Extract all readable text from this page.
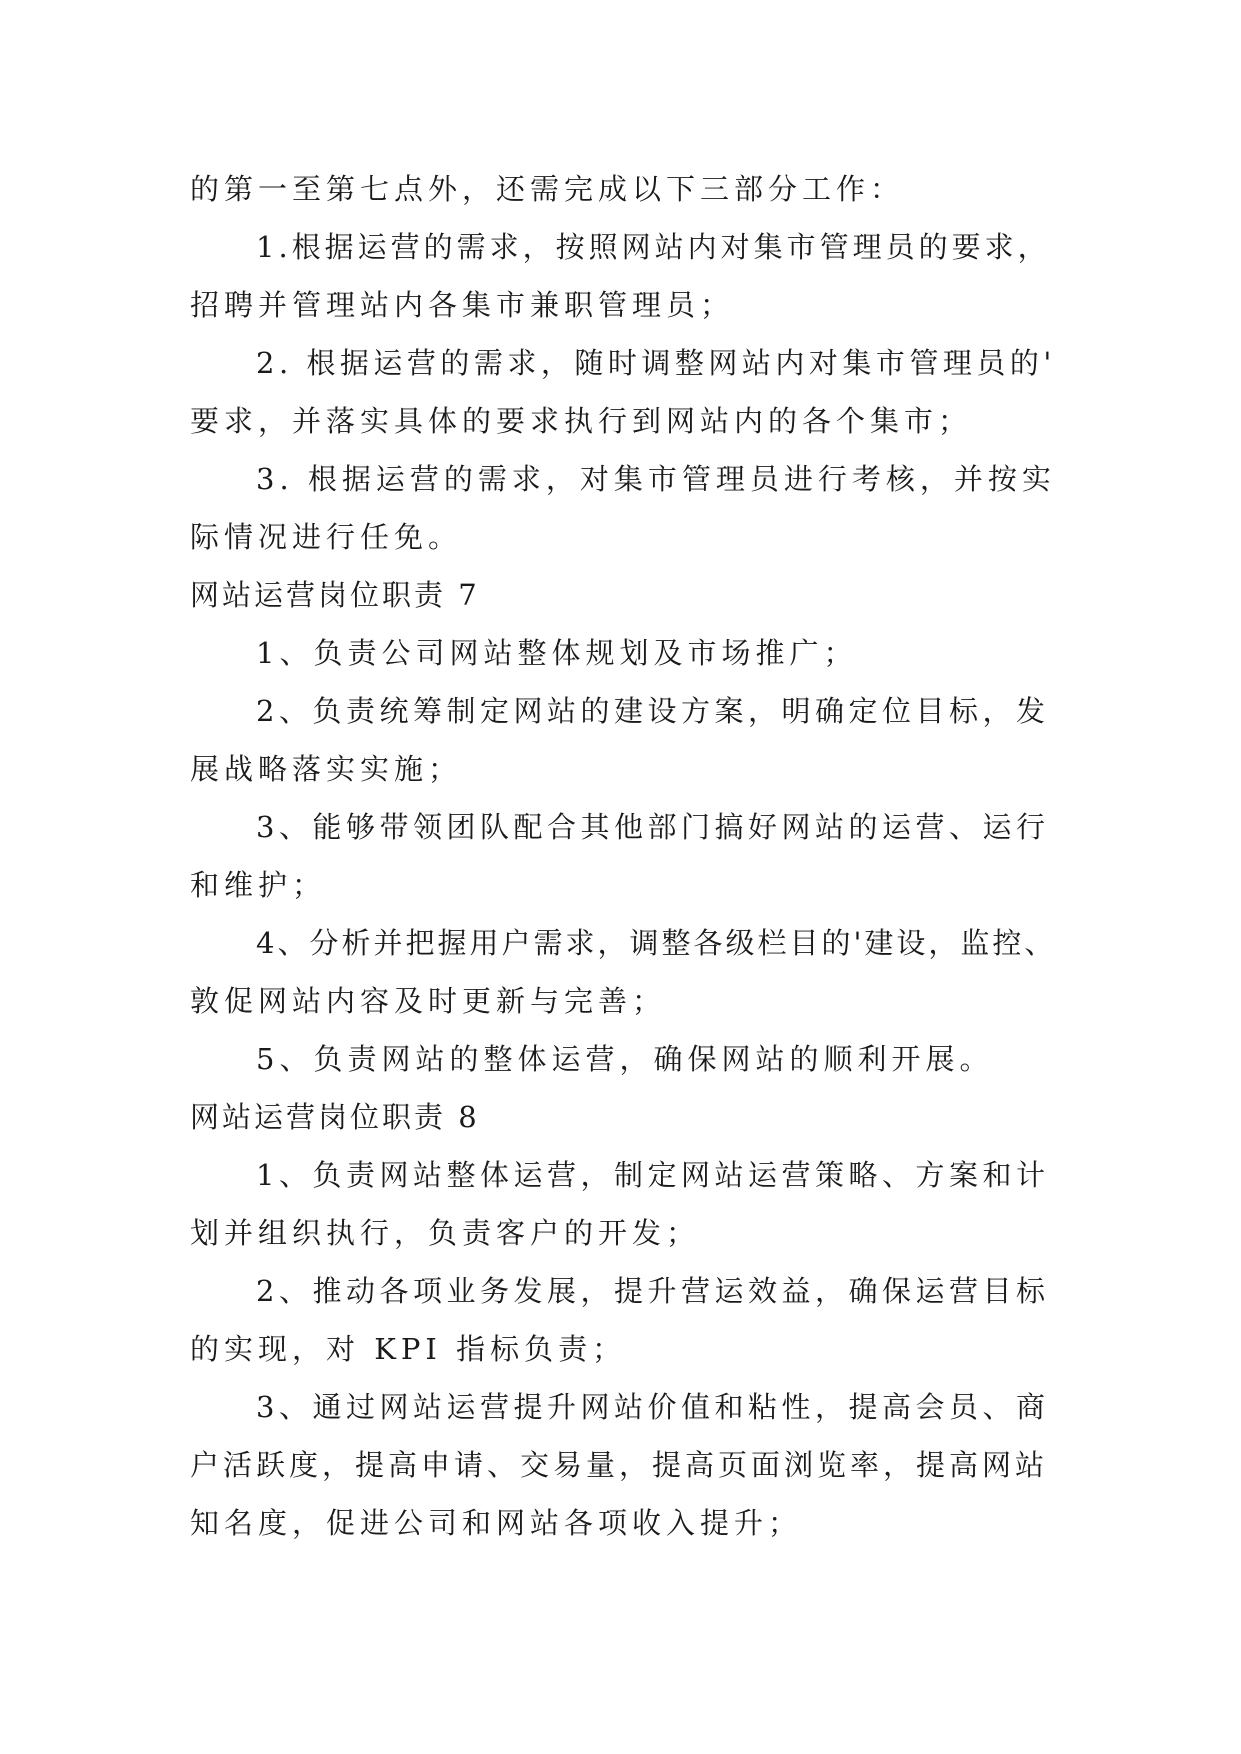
的第一至第七点外，还需完成以下三部分工作：
1.根据运营的需求，按照网站内对集市管理员的要求，
招聘并管理站内各集市兼职管理员；
2. 根据运营的需求，随时调整网站内对集市管理员的'
要求，并落实具体的要求执行到网站内的各个集市；
3. 根据运营的需求，对集市管理员进行考核，并按实
际情况进行任免。
网站运营岗位职责 7
1、负责公司网站整体规划及市场推广；
2、负责统筹制定网站的建设方案，明确定位目标，发
展战略落实实施；
3、能够带领团队配合其他部门搞好网站的运营、运行
和维护；
4、分析并把握用户需求，调整各级栏目的'建设，监控、
敦促网站内容及时更新与完善；
5、负责网站的整体运营，确保网站的顺利开展。
网站运营岗位职责 8
1、负责网站整体运营，制定网站运营策略、方案和计
划并组织执行，负责客户的开发；
2、推动各项业务发展，提升营运效益，确保运营目标
的实现，对 KPI 指标负责；
3、通过网站运营提升网站价值和粘性，提高会员、商
户活跃度，提高申请、交易量，提高页面浏览率，提高网站
知名度，促进公司和网站各项收入提升；
